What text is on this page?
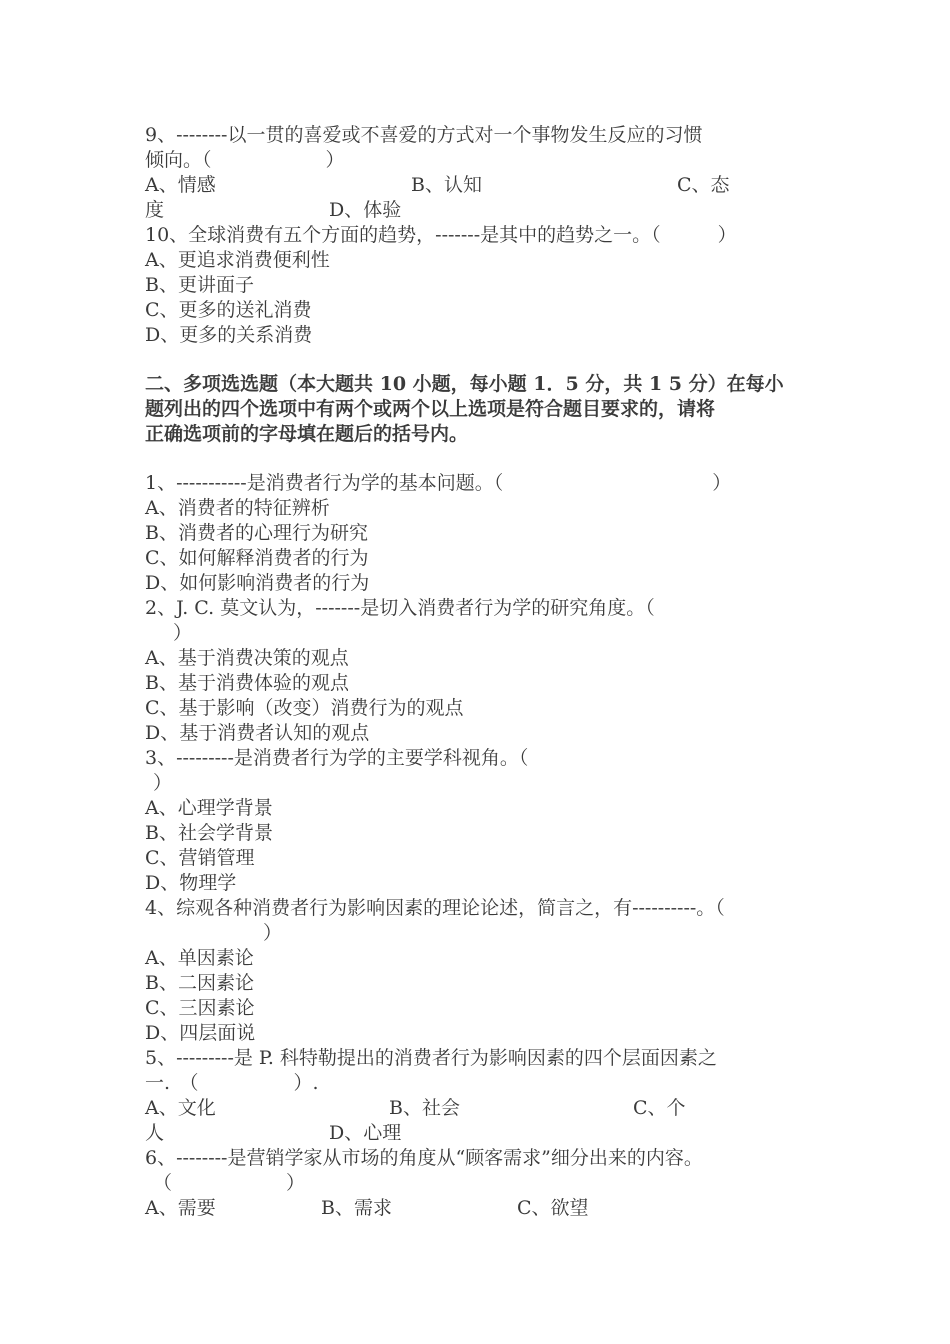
9、--------以一贯的喜爱或不喜爱的方式对一个事物发生反应的习惯
倾向。（　　　　　　）
A、情感	B、认知	C、态
度	D、体验
10、全球消费有五个方面的趋势，-------是其中的趋势之一。（　　　）
A、更追求消费便利性
B、更讲面子
C、更多的送礼消费
D、更多的关系消费
二、多项选选题（本大题共 10 小题，每小题 1．5 分，共 1 5 分）在每小
题列出的四个选项中有两个或两个以上选项是符合题目要求的，请将
正确选项前的字母填在题后的括号内。
1、-----------是消费者行为学的基本问题。（　　　　　　　　　　　）
A、消费者的特征辨析
B、消费者的心理行为研究
C、如何解释消费者的行为
D、如何影响消费者的行为
2、J. C. 莫文认为，-------是切入消费者行为学的研究角度。（
）
A、基于消费决策的观点
B、基于消费体验的观点
C、基于影响（改变）消费行为的观点
D、基于消费者认知的观点
3、---------是消费者行为学的主要学科视角。（
）
A、心理学背景
B、社会学背景
C、营销管理
D、物理学
4、综观各种消费者行为影响因素的理论论述，简言之，有----------。（
）
A、单因素论
B、二因素论
C、三因素论
D、四层面说
5、---------是 P. 科特勒提出的消费者行为影响因素的四个层面因素之
一.　（　　　　　）.
A、文化	B、社会	C、个
人	D、心理
6、--------是营销学家从市场的角度从“顾客需求”细分出来的内容。
（　　　　　　）
A、需要	B、需求	C、欲望
